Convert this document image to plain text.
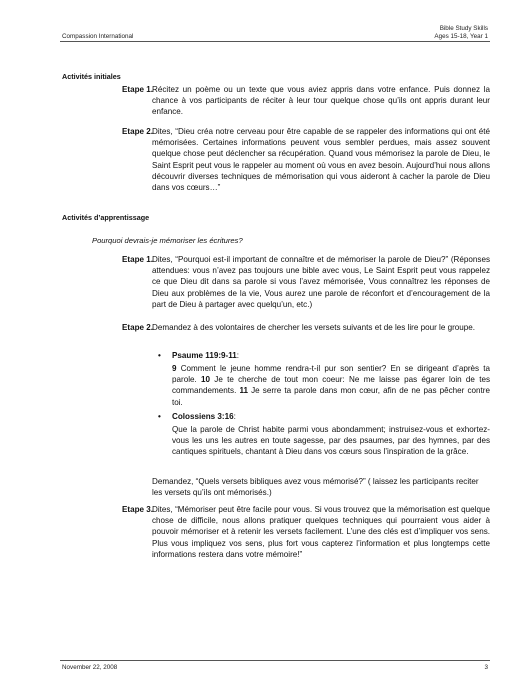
Bible Study Skills
Ages 15-18, Year 1
Compassion International
Activités initiales
Etape 1.
Récitez un poème ou un texte que vous aviez appris dans votre enfance. Puis donnez la chance à vos participants de réciter à leur tour quelque chose qu’ils ont appris durant leur enfance.
Etape 2.
Dites, “Dieu créa notre cerveau pour être capable de se rappeler des informations qui ont été mémorisées. Certaines informations peuvent vous sembler perdues, mais assez souvent quelque chose peut déclencher sa récupération. Quand vous mémorisez la parole de Dieu, le Saint Esprit peut vous le rappeler au moment où vous en avez besoin. Aujourd’hui nous allons découvrir diverses techniques de mémorisation qui vous aideront à cacher la parole de Dieu dans vos cœurs…”
Activités d’apprentissage
Pourquoi devrais-je mémoriser les écritures?
Etape 1.
Dites, “Pourquoi est-il important de connaître et de mémoriser la parole de Dieu?” (Réponses attendues: vous n’avez pas toujours une bible avec vous, Le Saint Esprit peut vous rappelez ce que Dieu dit dans sa parole si vous l’avez mémorisée, Vous connaîtrez les réponses de Dieu aux problèmes de la vie, Vous aurez une parole de réconfort et d’encouragement de la part de Dieu à partager avec quelqu’un, etc.)
Etape 2.
Demandez à des volontaires de chercher les versets suivants et de les lire pour le groupe.
• Psaume 119:9-11:
9 Comment le jeune homme rendra-t-il pur son sentier? En se dirigeant d’après ta parole. 10 Je te cherche de tout mon coeur: Ne me laisse pas égarer loin de tes commandements. 11 Je serre ta parole dans mon cœur, afin de ne pas pêcher contre toi.
• Colossiens 3:16:
Que la parole de Christ habite parmi vous abondamment; instruisez-vous et exhortez-vous les uns les autres en toute sagesse, par des psaumes, par des hymnes, par des cantiques spirituels, chantant à Dieu dans vos cœurs sous l’inspiration de la grâce.
Demandez, “Quels versets bibliques avez vous mémorisé?” ( laissez les participants reciter les versets qu’ils ont mémorisés.)
Etape 3.
Dites, “Mémoriser peut être facile pour vous. Si vous trouvez que la mémorisation est quelque chose de difficile, nous allons pratiquer quelques techniques qui pourraient vous aider à pouvoir mémoriser et à retenir les versets facilement. L’une des clés est d’impliquer vos sens. Plus vous impliquez vos sens, plus fort vous capterez l’information et plus longtemps cette informations restera dans votre mémoire!”
November 22, 2008	3
